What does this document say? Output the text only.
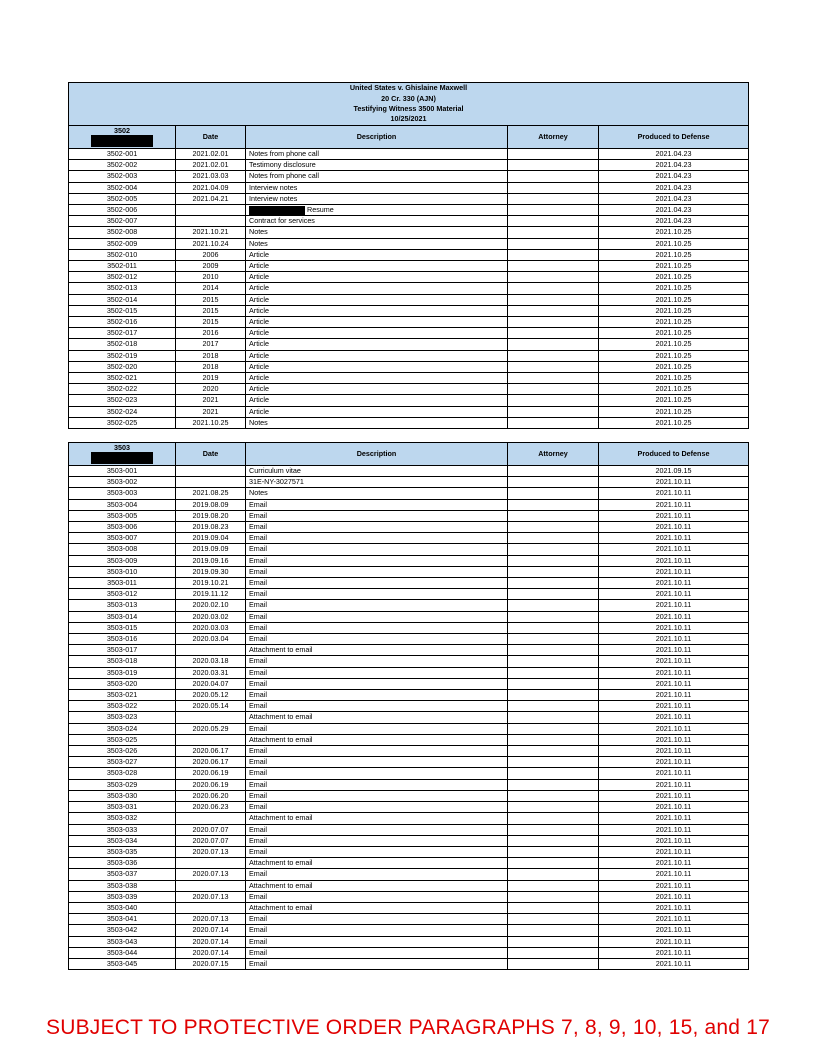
United States v. Ghislaine Maxwell
20 Cr. 330 (AJN)
Testifying Witness 3500 Material
10/25/2021				

3502	Date	Description	Attorney	Produced to Defense
3502-001	2021.02.01	Notes from phone call		2021.04.23
3502-002	2021.02.01	Testimony disclosure		2021.04.23
3502-003	2021.03.03	Notes from phone call		2021.04.23
3502-004	2021.04.09	Interview notes		2021.04.23
3502-005	2021.04.21	Interview notes		2021.04.23
3502-006		Resume		2021.04.23
3502-007		Contract for services		2021.04.23
3502-008	2021.10.21	Notes		2021.10.25
3502-009	2021.10.24	Notes		2021.10.25
3502-010	2006	Article		2021.10.25
3502-011	2009	Article		2021.10.25
3502-012	2010	Article		2021.10.25
3502-013	2014	Article		2021.10.25
3502-014	2015	Article		2021.10.25
3502-015	2015	Article		2021.10.25
3502-016	2015	Article		2021.10.25
3502-017	2016	Article		2021.10.25
3502-018	2017	Article		2021.10.25
3502-019	2018	Article		2021.10.25
3502-020	2018	Article		2021.10.25
3502-021	2019	Article		2021.10.25
3502-022	2020	Article		2021.10.25
3502-023	2021	Article		2021.10.25
3502-024	2021	Article		2021.10.25
3502-025	2021.10.25	Notes		2021.10.25
3503	Date	Description	Attorney	Produced to Defense
3503-001		Curriculum vitae		2021.09.15
3503-002		31E-NY-3027571		2021.10.11
3503-003	2021.08.25	Notes		2021.10.11
3503-004	2019.08.09	Email		2021.10.11
3503-005	2019.08.20	Email		2021.10.11
3503-006	2019.08.23	Email		2021.10.11
3503-007	2019.09.04	Email		2021.10.11
3503-008	2019.09.09	Email		2021.10.11
3503-009	2019.09.16	Email		2021.10.11
3503-010	2019.09.30	Email		2021.10.11
3503-011	2019.10.21	Email		2021.10.11
3503-012	2019.11.12	Email		2021.10.11
3503-013	2020.02.10	Email		2021.10.11
3503-014	2020.03.02	Email		2021.10.11
3503-015	2020.03.03	Email		2021.10.11
3503-016	2020.03.04	Email		2021.10.11
3503-017		Attachment to email		2021.10.11
3503-018	2020.03.18	Email		2021.10.11
3503-019	2020.03.31	Email		2021.10.11
3503-020	2020.04.07	Email		2021.10.11
3503-021	2020.05.12	Email		2021.10.11
3503-022	2020.05.14	Email		2021.10.11
3503-023		Attachment to email		2021.10.11
3503-024	2020.05.29	Email		2021.10.11
3503-025		Attachment to email		2021.10.11
3503-026	2020.06.17	Email		2021.10.11
3503-027	2020.06.17	Email		2021.10.11
3503-028	2020.06.19	Email		2021.10.11
3503-029	2020.06.19	Email		2021.10.11
3503-030	2020.06.20	Email		2021.10.11
3503-031	2020.06.23	Email		2021.10.11
3503-032		Attachment to email		2021.10.11
3503-033	2020.07.07	Email		2021.10.11
3503-034	2020.07.07	Email		2021.10.11
3503-035	2020.07.13	Email		2021.10.11
3503-036		Attachment to email		2021.10.11
3503-037	2020.07.13	Email		2021.10.11
3503-038		Attachment to email		2021.10.11
3503-039	2020.07.13	Email		2021.10.11
3503-040		Attachment to email		2021.10.11
3503-041	2020.07.13	Email		2021.10.11
3503-042	2020.07.14	Email		2021.10.11
3503-043	2020.07.14	Email		2021.10.11
3503-044	2020.07.14	Email		2021.10.11
3503-045	2020.07.15	Email		2021.10.11
SUBJECT TO PROTECTIVE ORDER PARAGRAPHS 7, 8, 9, 10, 15, and 17
